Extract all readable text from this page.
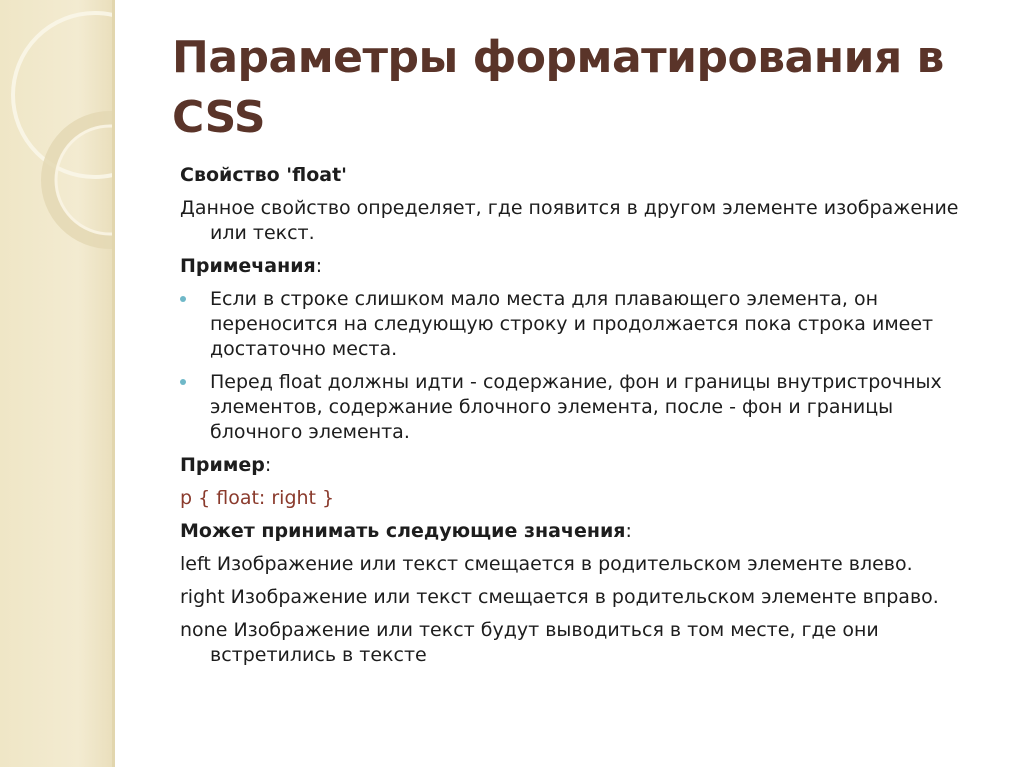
Параметры форматирования в CSS

Свойство 'float'

Данное свойство определяет, где появится в другом элементе изображение или текст.

Примечания:

Если в строке слишком мало места для плавающего элемента, он переносится на следующую строку и продолжается пока строка имеет достаточно места.
Перед float должны идти - содержание, фон и границы внутристрочных элементов, содержание блочного элемента, после - фон и границы блочного элемента.

Пример:

p { float: right }

Может принимать следующие значения:

left Изображение или текст смещается в родительском элементе влево.

right Изображение или текст смещается в родительском элементе вправо.

none Изображение или текст будут выводиться в том месте, где они встретились в тексте
